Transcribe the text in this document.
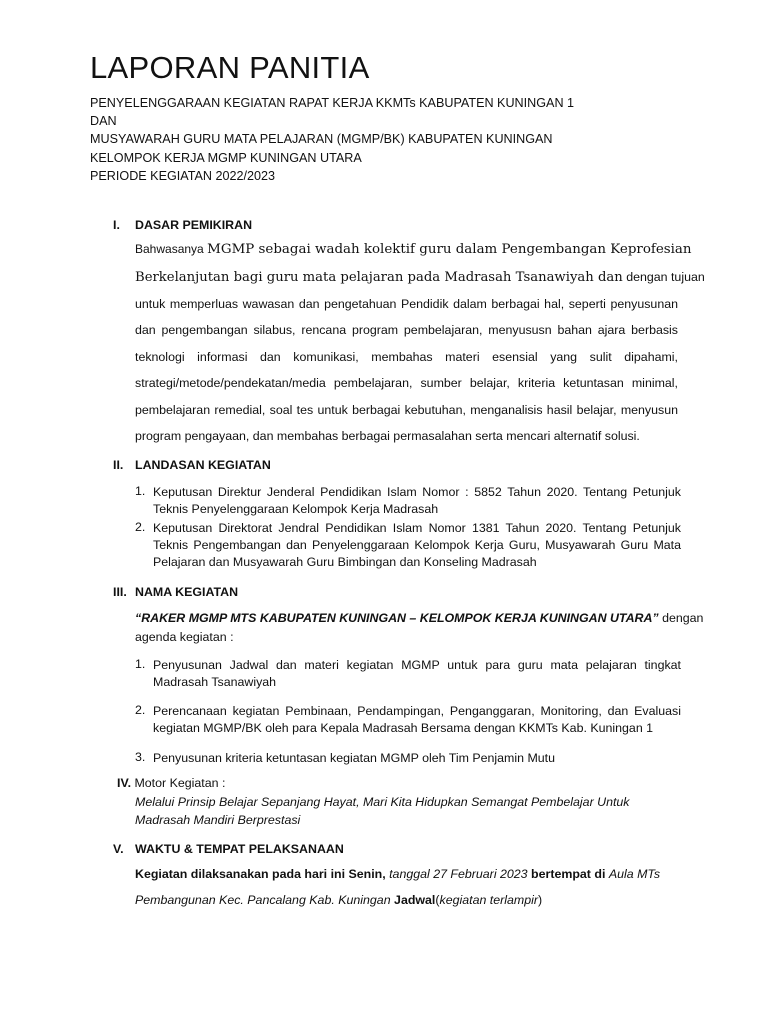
LAPORAN PANITIA
PENYELENGGARAAN KEGIATAN RAPAT KERJA KKMTs KABUPATEN KUNINGAN 1
DAN
MUSYAWARAH GURU MATA PELAJARAN (MGMP/BK) KABUPATEN KUNINGAN
KELOMPOK KERJA MGMP KUNINGAN UTARA
PERIODE KEGIATAN 2022/2023
I. DASAR PEMIKIRAN
Bahwasanya MGMP sebagai wadah kolektif guru dalam Pengembangan Keprofesian
Berkelanjutan bagi guru mata pelajaran pada Madrasah Tsanawiyah dan dengan tujuan
untuk memperluas wawasan dan pengetahuan Pendidik dalam berbagai hal, seperti penyusunan
dan pengembangan silabus, rencana program pembelajaran, menyususn bahan ajara berbasis
teknologi informasi dan komunikasi, membahas materi esensial yang sulit dipahami,
strategi/metode/pendekatan/media pembelajaran, sumber belajar, kriteria ketuntasan minimal,
pembelajaran remedial, soal tes untuk berbagai kebutuhan, menganalisis hasil belajar, menyusun
program pengayaan, dan membahas berbagai permasalahan serta mencari alternatif solusi.
II. LANDASAN KEGIATAN
1. Keputusan Direktur Jenderal Pendidikan Islam Nomor : 5852 Tahun 2020. Tentang Petunjuk
Teknis Penyelenggaraan Kelompok Kerja Madrasah
2. Keputusan Direktorat Jendral Pendidikan Islam Nomor 1381 Tahun 2020. Tentang Petunjuk
Teknis Pengembangan dan Penyelenggaraan Kelompok Kerja Guru, Musyawarah Guru Mata
Pelajaran dan Musyawarah Guru Bimbingan dan Konseling Madrasah
III. NAMA KEGIATAN
“RAKER MGMP MTS KABUPATEN KUNINGAN – KELOMPOK KERJA KUNINGAN UTARA” dengan
agenda kegiatan :
1. Penyusunan Jadwal dan materi kegiatan MGMP untuk para guru mata pelajaran tingkat
Madrasah Tsanawiyah
2. Perencanaan kegiatan Pembinaan, Pendampingan, Penganggaran, Monitoring, dan Evaluasi
kegiatan MGMP/BK oleh para Kepala Madrasah Bersama dengan KKMTs Kab. Kuningan 1
3. Penyusunan kriteria ketuntasan kegiatan MGMP oleh Tim Penjamin Mutu
IV. Motor Kegiatan :
Melalui Prinsip Belajar Sepanjang Hayat, Mari Kita Hidupkan Semangat Pembelajar Untuk
Madrasah Mandiri Berprestasi
V. WAKTU & TEMPAT PELAKSANAAN
Kegiatan dilaksanakan pada hari ini Senin, tanggal 27 Februari 2023 bertempat di Aula MTs
Pembangunan Kec. Pancalang Kab. Kuningan Jadwal(kegiatan terlampir)
